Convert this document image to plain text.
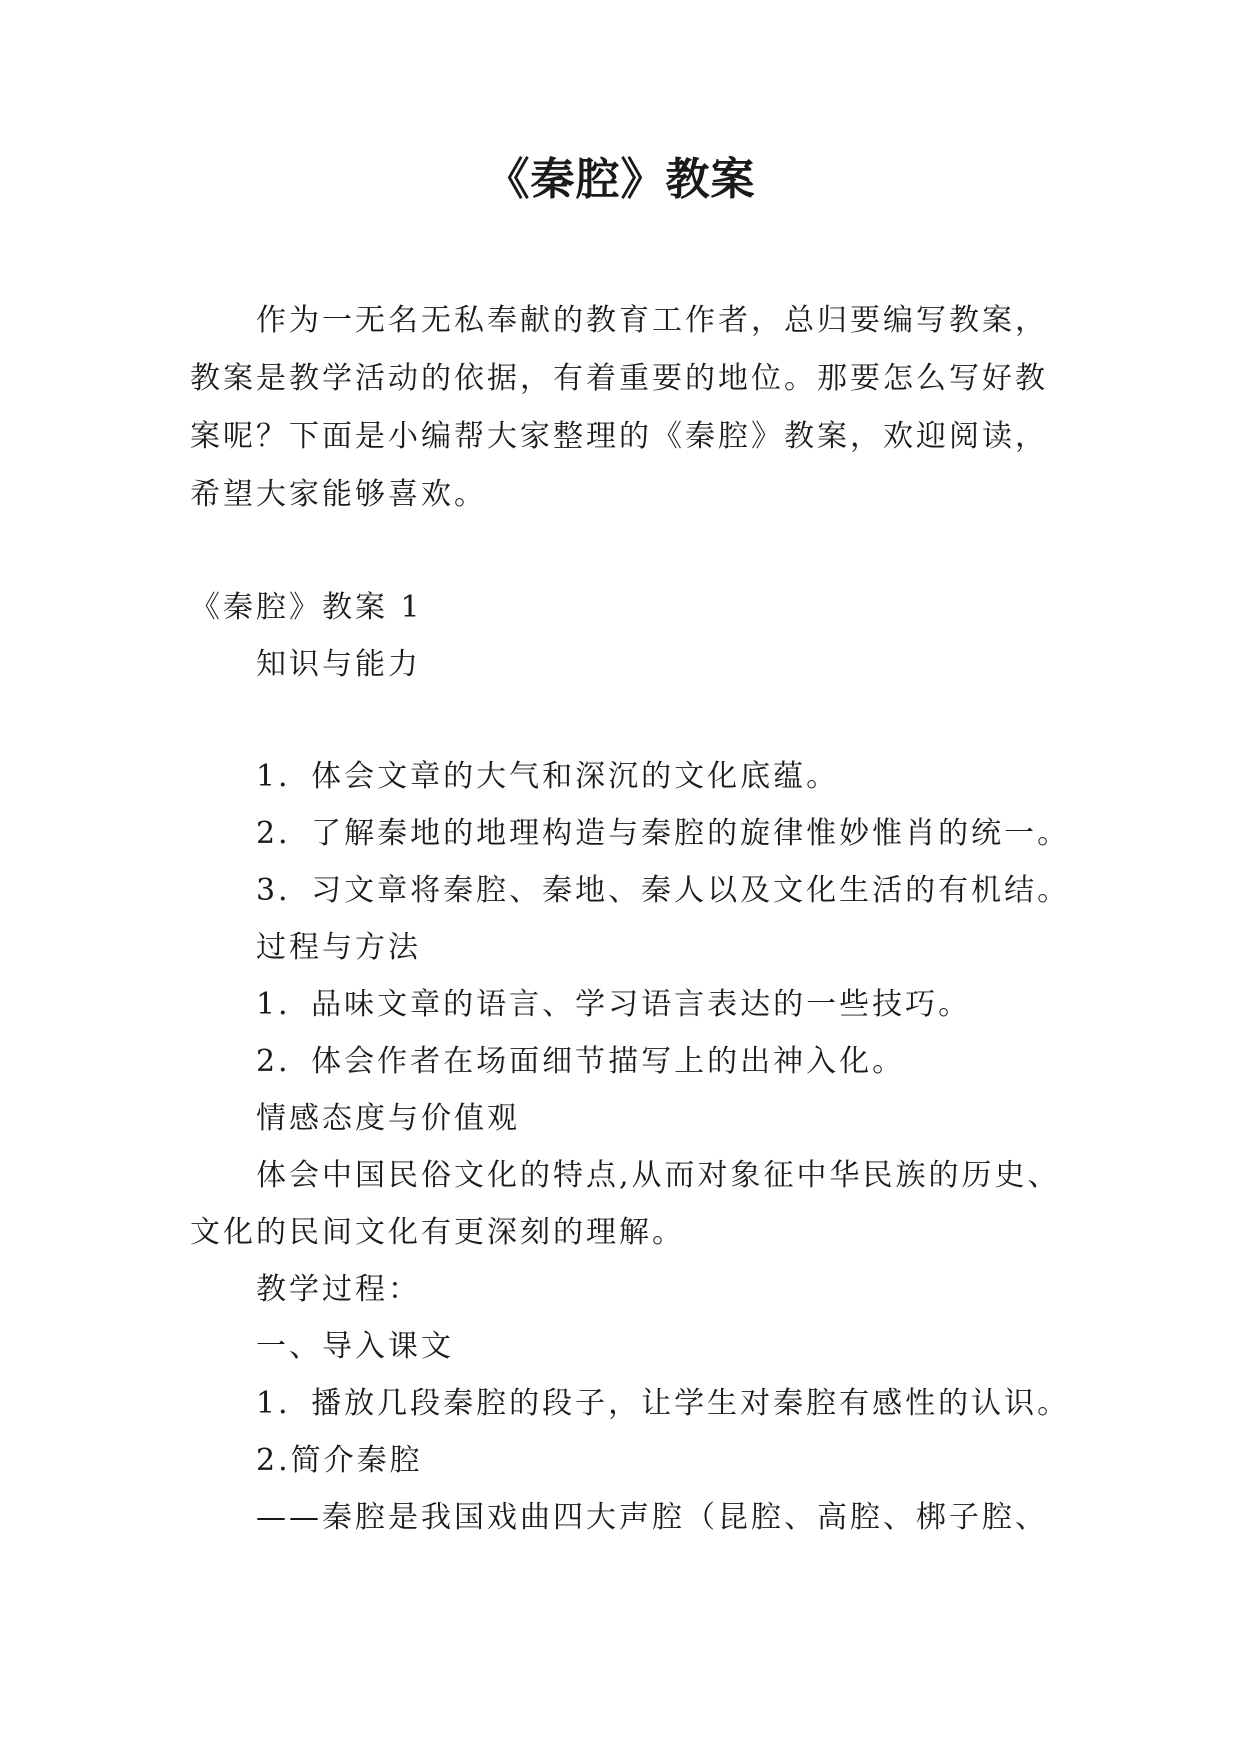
《秦腔》教案

作为一无名无私奉献的教育工作者，总归要编写教案，教案是教学活动的依据，有着重要的地位。那要怎么写好教案呢？下面是小编帮大家整理的《秦腔》教案，欢迎阅读，希望大家能够喜欢。

《秦腔》教案 1

知识与能力

1．体会文章的大气和深沉的文化底蕴。

2．了解秦地的地理构造与秦腔的旋律惟妙惟肖的统一。

3．习文章将秦腔、秦地、秦人以及文化生活的有机结。

过程与方法

1．品味文章的语言、学习语言表达的一些技巧。

2．体会作者在场面细节描写上的出神入化。

情感态度与价值观

体会中国民俗文化的特点,从而对象征中华民族的历史、

文化的民间文化有更深刻的理解。

教学过程：

一、导入课文

1．播放几段秦腔的段子，让学生对秦腔有感性的认识。

2.简介秦腔

——秦腔是我国戏曲四大声腔（昆腔、高腔、梆子腔、
